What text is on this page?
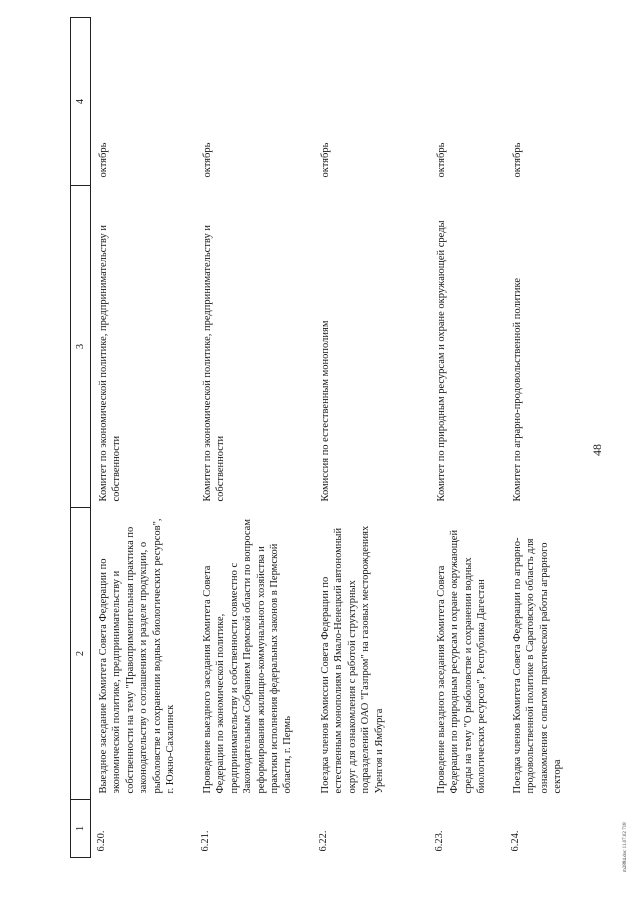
48
1	2	3	4
6.20.	Выездное заседание Комитета Совета Федерации по экономической политике, предпринимательству и собственности на тему "Правоприменительная практика по законодательству о соглашениях и разделе продукции, о рыболовстве и сохранении водных биологических ресурсов", г. Южно-Сахалинск	Комитет по экономической политике, предпринимательству и собственности	октябрь
6.21.	Проведение выездного заседания Комитета Совета Федерации по экономической политике, предпринимательству и собственности совместно с Законодательным Собранием Пермской области по вопросам реформирования жилищно-коммунального хозяйства и практики исполнения федеральных законов в Пермской области, г. Пермь	Комитет по экономической политике, предпринимательству и собственности	октябрь
6.22.	Поездка членов Комиссии Совета Федерации по естественным монополиям в Ямало-Ненецкий автономный округ для ознакомления с работой структурных подразделений ОАО "Газпром" на газовых месторождениях Уренгоя и Ямбурга	Комиссия по естественным монополиям	октябрь
6.23.	Проведение выездного заседания Комитета Совета Федерации по природным ресурсам и охране окружающей среды на тему "О рыболовстве и сохранении водных биологических ресурсов", Республика Дагестан	Комитет по природным ресурсам и охране окружающей среды	октябрь
6.24.	Поездка членов Комитета Совета Федерации по аграрно-продовольственной политике в Саратовскую область для ознакомления с опытом практической работы аграрного сектора	Комитет по аграрно-продовольственной политике	октябрь
m2884.doc 11.07.02 718
